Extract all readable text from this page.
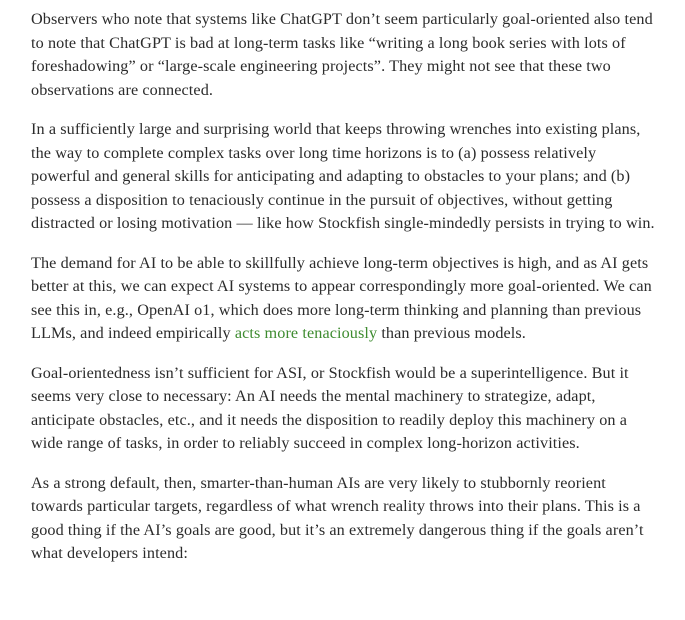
Observers who note that systems like ChatGPT don’t seem particularly goal-oriented also tend to note that ChatGPT is bad at long-term tasks like “writing a long book series with lots of foreshadowing” or “large-scale engineering projects”. They might not see that these two observations are connected.

In a sufficiently large and surprising world that keeps throwing wrenches into existing plans, the way to complete complex tasks over long time horizons is to (a) possess relatively powerful and general skills for anticipating and adapting to obstacles to your plans; and (b) possess a disposition to tenaciously continue in the pursuit of objectives, without getting distracted or losing motivation — like how Stockfish single-mindedly persists in trying to win.

The demand for AI to be able to skillfully achieve long-term objectives is high, and as AI gets better at this, we can expect AI systems to appear correspondingly more goal-oriented. We can see this in, e.g., OpenAI o1, which does more long-term thinking and planning than previous LLMs, and indeed empirically acts more tenaciously than previous models.

Goal-orientedness isn’t sufficient for ASI, or Stockfish would be a superintelligence. But it seems very close to necessary: An AI needs the mental machinery to strategize, adapt, anticipate obstacles, etc., and it needs the disposition to readily deploy this machinery on a wide range of tasks, in order to reliably succeed in complex long-horizon activities.

As a strong default, then, smarter-than-human AIs are very likely to stubbornly reorient towards particular targets, regardless of what wrench reality throws into their plans. This is a good thing if the AI’s goals are good, but it’s an extremely dangerous thing if the goals aren’t what developers intend:
